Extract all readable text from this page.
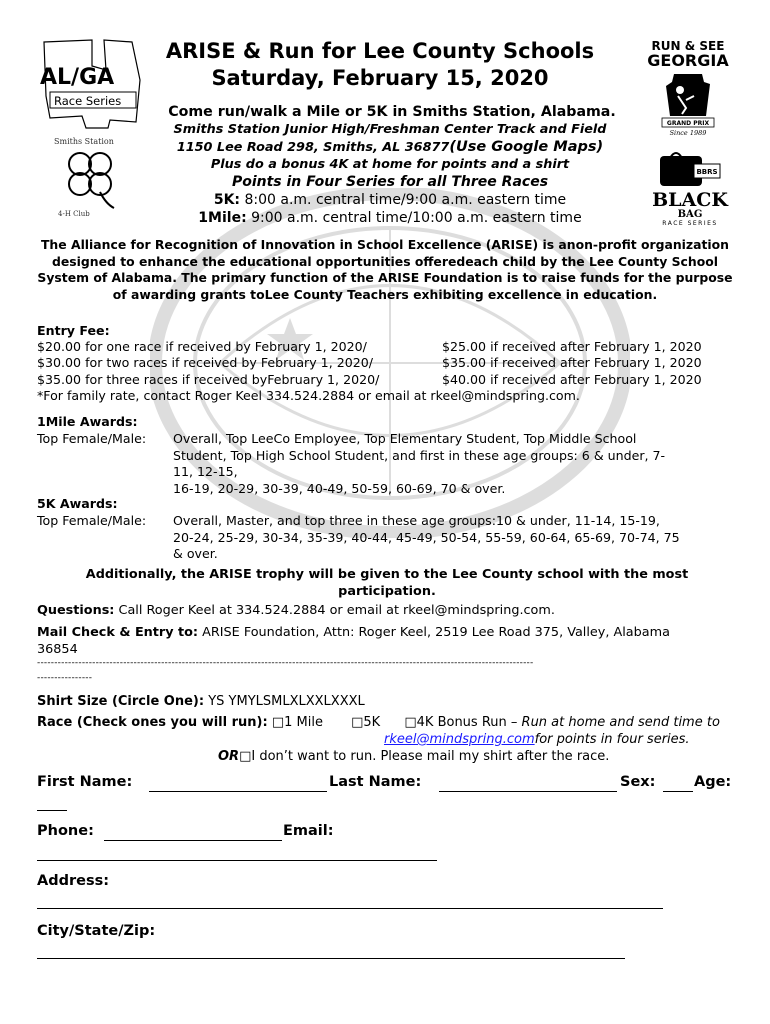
AL/GA
Race Series
Smiths Station
4-H Club
RUN & SEE
GEORGIA
GRAND PRIX
Since 1989
BBRS
BLACK
BAG
RACE SERIES
ARISE & Run for Lee County Schools
Saturday, February 15, 2020
Come run/walk a Mile or 5K in Smiths Station, Alabama.
Smiths Station Junior High/Freshman Center Track and Field
1150 Lee Road 298, Smiths, AL 36877(Use Google Maps)
Plus do a bonus 4K at home for points and a shirt
Points in Four Series for all Three Races
5K: 8:00 a.m. central time/9:00 a.m. eastern time
1Mile: 9:00 a.m. central time/10:00 a.m. eastern time
The Alliance for Recognition of Innovation in School Excellence (ARISE) is anon-profit organization designed to enhance the educational opportunities offeredeach child by the Lee County School System of Alabama. The primary function of the ARISE Foundation is to raise funds for the purpose of awarding grants toLee County Teachers exhibiting excellence in education.
Entry Fee:
$20.00 for one race if received by February 1, 2020/	$25.00 if received after February 1, 2020
$30.00 for two races if received by February 1, 2020/	$35.00 if received after February 1, 2020
$35.00 for three races if received byFebruary 1, 2020/	$40.00 if received after February 1, 2020
*For family rate, contact Roger Keel 334.524.2884 or email at rkeel@mindspring.com.
1Mile Awards:
Top Female/Male: Overall, Top LeeCo Employee, Top Elementary Student, Top Middle School
Student, Top High School Student, and first in these age groups: 6 & under, 7-
11, 12-15,
16-19, 20-29, 30-39, 40-49, 50-59, 60-69, 70 & over.
5K Awards:
Top Female/Male: Overall, Master, and top three in these age groups:10 & under, 11-14, 15-19,
20-24, 25-29, 30-34, 35-39, 40-44, 45-49, 50-54, 55-59, 60-64, 65-69, 70-74, 75
& over.
Additionally, the ARISE trophy will be given to the Lee County school with the most
participation.
Questions: Call Roger Keel at 334.524.2884 or email at rkeel@mindspring.com.
Mail Check & Entry to: ARISE Foundation, Attn: Roger Keel, 2519 Lee Road 375, Valley, Alabama
36854
------------------------------------------------------------------------------------------------------------------------------------------------
----------------
Shirt Size (Circle One): YS YMYLSMLXLXXLXXXL
Race (Check ones you will run): □1 Mile □5K □4K Bonus Run – Run at home and send time to
rkeel@mindspring.comfor points in four series.
OR□I don’t want to run. Please mail my shirt after the race.
First Name:	Last Name:	Sex:	Age:
Phone:	Email:
Address:
City/State/Zip:
